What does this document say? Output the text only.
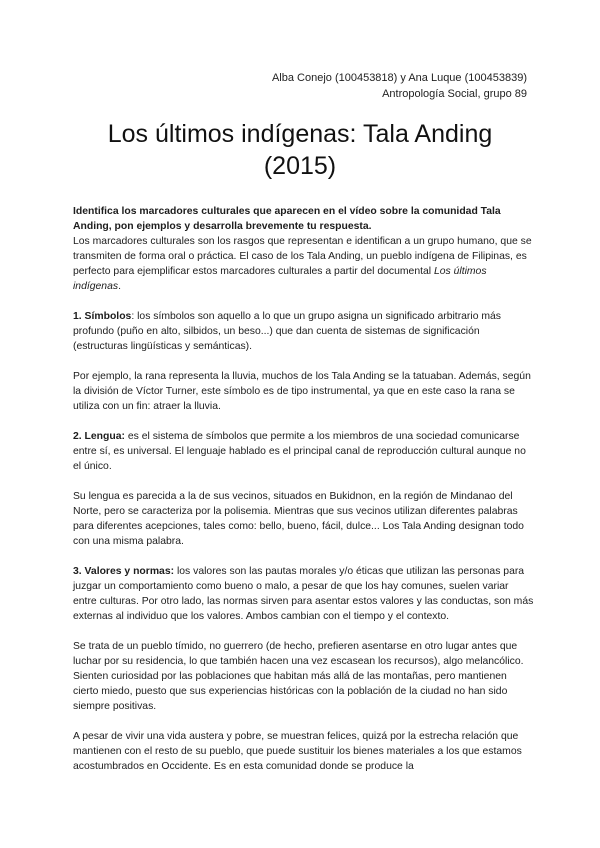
Alba Conejo (100453818) y Ana Luque (100453839)
Antropología Social, grupo 89
Los últimos indígenas: Tala Anding
(2015)

Identifica los marcadores culturales que aparecen en el vídeo sobre la comunidad Tala Anding, pon ejemplos y desarrolla brevemente tu respuesta.

Los marcadores culturales son los rasgos que representan e identifican a un grupo humano, que se transmiten de forma oral o práctica. El caso de los Tala Anding, un pueblo indígena de Filipinas, es perfecto para ejemplificar estos marcadores culturales a partir del documental Los últimos indígenas.

1. Símbolos: los símbolos son aquello a lo que un grupo asigna un significado arbitrario más profundo (puño en alto, silbidos, un beso...) que dan cuenta de sistemas de significación (estructuras lingüísticas y semánticas).

Por ejemplo, la rana representa la lluvia, muchos de los Tala Anding se la tatuaban. Además, según la división de Víctor Turner, este símbolo es de tipo instrumental, ya que en este caso la rana se utiliza con un fin: atraer la lluvia.

2. Lengua: es el sistema de símbolos que permite a los miembros de una sociedad comunicarse entre sí, es universal. El lenguaje hablado es el principal canal de reproducción cultural aunque no el único.

Su lengua es parecida a la de sus vecinos, situados en Bukidnon, en la región de Mindanao del Norte, pero se caracteriza por la polisemia. Mientras que sus vecinos utilizan diferentes palabras para diferentes acepciones, tales como: bello, bueno, fácil, dulce... Los Tala Anding designan todo con una misma palabra.

3. Valores y normas: los valores son las pautas morales y/o éticas que utilizan las personas para juzgar un comportamiento como bueno o malo, a pesar de que los hay comunes, suelen variar entre culturas. Por otro lado, las normas sirven para asentar estos valores y las conductas, son más externas al individuo que los valores. Ambos cambian con el tiempo y el contexto.

Se trata de un pueblo tímido, no guerrero (de hecho, prefieren asentarse en otro lugar antes que luchar por su residencia, lo que también hacen una vez escasean los recursos), algo melancólico. Sienten curiosidad por las poblaciones que habitan más allá de las montañas, pero mantienen cierto miedo, puesto que sus experiencias históricas con la población de la ciudad no han sido siempre positivas.

A pesar de vivir una vida austera y pobre, se muestran felices, quizá por la estrecha relación que mantienen con el resto de su pueblo, que puede sustituir los bienes materiales a los que estamos acostumbrados en Occidente. Es en esta comunidad donde se produce la
